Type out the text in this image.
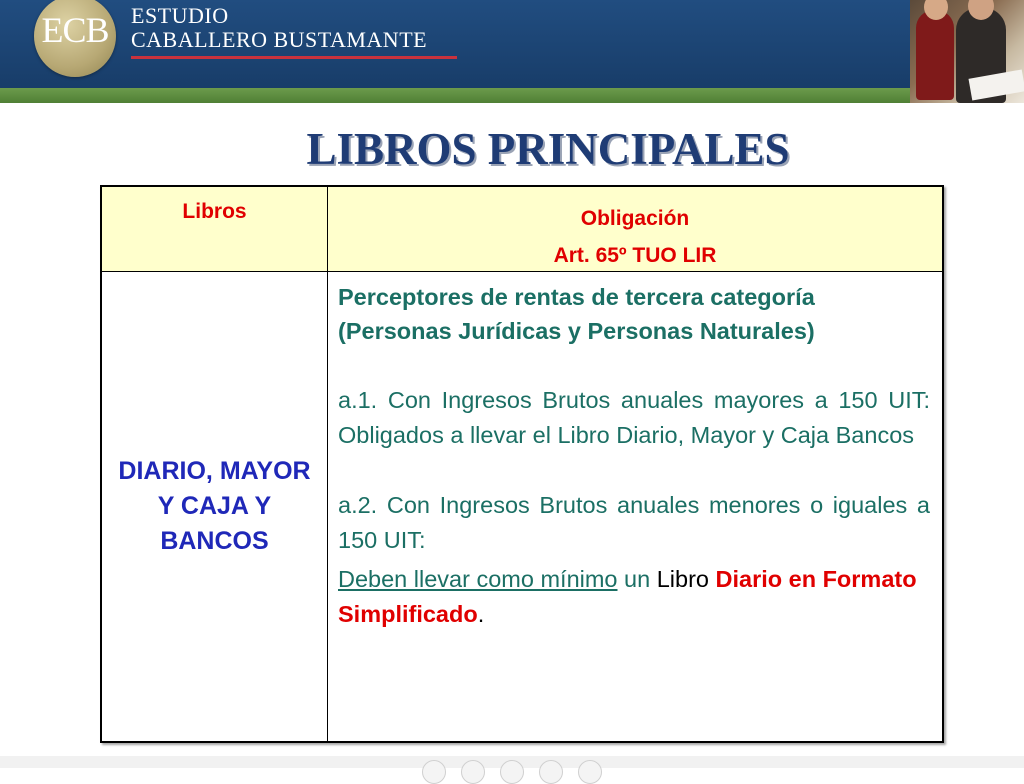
ECB	ESTUDIO
CABALLERO BUSTAMANTE
LIBROS PRINCIPALES
Libros	Obligación
Art. 65º TUO LIR
DIARIO, MAYOR Y CAJA Y BANCOS

Perceptores de rentas de tercera categoría (Personas Jurídicas y Personas Naturales)

a.1. Con Ingresos Brutos anuales mayores a 150 UIT: Obligados a llevar el Libro Diario, Mayor y Caja Bancos

a.2. Con Ingresos Brutos anuales menores o iguales a 150 UIT:

Deben llevar como mínimo un Libro Diario en Formato Simplificado.
